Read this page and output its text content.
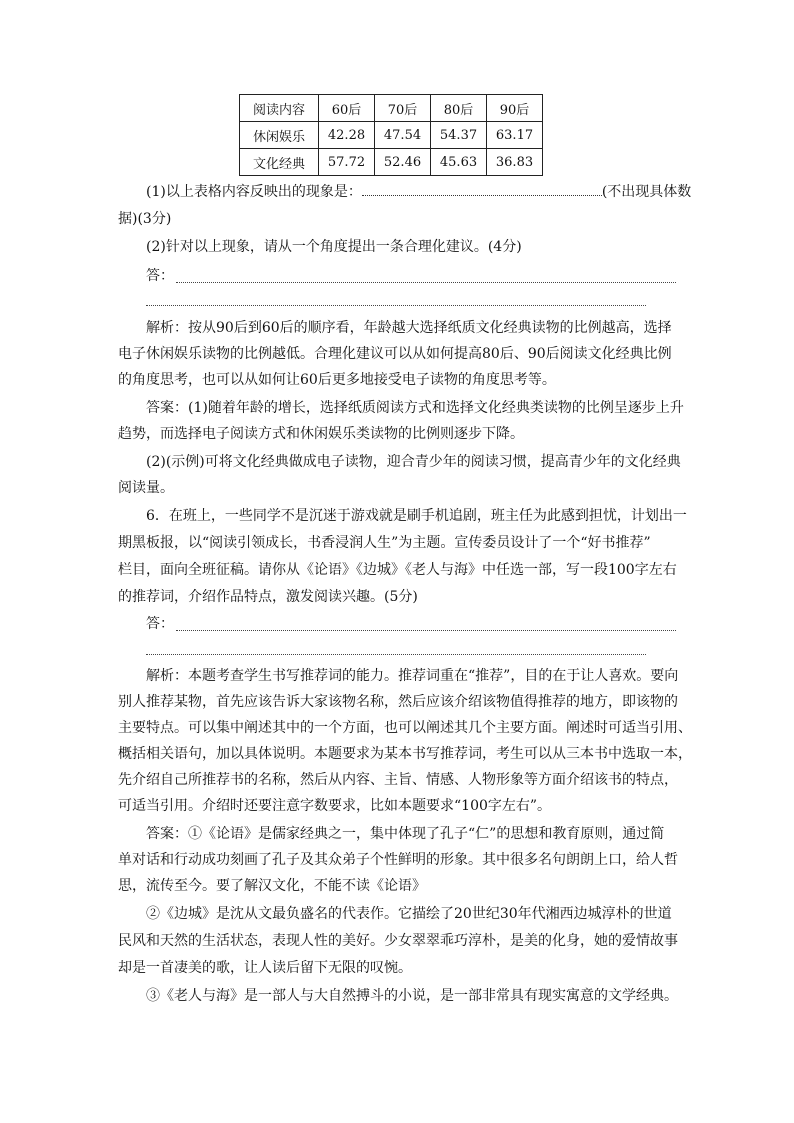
阅读内容	60后	70后	80后	90后
休闲娱乐	42.28	47.54	54.37	63.17
文化经典	57.72	52.46	45.63	36.83
(1)以上表格内容反映出的现象是：	(不出现具体数
据)(3分)
(2)针对以上现象，请从一个角度提出一条合理化建议。(4分)
答：
解析：按从90后到60后的顺序看，年龄越大选择纸质文化经典读物的比例越高，选择
电子休闲娱乐读物的比例越低。合理化建议可以从如何提高80后、90后阅读文化经典比例
的角度思考，也可以从如何让60后更多地接受电子读物的角度思考等。
答案：(1)随着年龄的增长，选择纸质阅读方式和选择文化经典类读物的比例呈逐步上升
趋势，而选择电子阅读方式和休闲娱乐类读物的比例则逐步下降。
(2)(示例)可将文化经典做成电子读物，迎合青少年的阅读习惯，提高青少年的文化经典
阅读量。
6．在班上，一些同学不是沉迷于游戏就是刷手机追剧，班主任为此感到担忧，计划出一
期黑板报，以“阅读引领成长，书香浸润人生”为主题。宣传委员设计了一个“好书推荐”
栏目，面向全班征稿。请你从《论语》《边城》《老人与海》中任选一部，写一段100字左右
的推荐词，介绍作品特点，激发阅读兴趣。(5分)
答：
解析：本题考查学生书写推荐词的能力。推荐词重在“推荐”，目的在于让人喜欢。要向
别人推荐某物，首先应该告诉大家该物名称，然后应该介绍该物值得推荐的地方，即该物的
主要特点。可以集中阐述其中的一个方面，也可以阐述其几个主要方面。阐述时可适当引用、
概括相关语句，加以具体说明。本题要求为某本书写推荐词，考生可以从三本书中选取一本，
先介绍自己所推荐书的名称，然后从内容、主旨、情感、人物形象等方面介绍该书的特点，
可适当引用。介绍时还要注意字数要求，比如本题要求“100字左右”。
答案：①《论语》是儒家经典之一，集中体现了孔子“仁”的思想和教育原则，通过简
单对话和行动成功刻画了孔子及其众弟子个性鲜明的形象。其中很多名句朗朗上口，给人哲
思，流传至今。要了解汉文化，不能不读《论语》
②《边城》是沈从文最负盛名的代表作。它描绘了20世纪30年代湘西边城淳朴的世道
民风和天然的生活状态，表现人性的美好。少女翠翠乖巧淳朴，是美的化身，她的爱情故事
却是一首凄美的歌，让人读后留下无限的叹惋。
③《老人与海》是一部人与大自然搏斗的小说，是一部非常具有现实寓意的文学经典。
